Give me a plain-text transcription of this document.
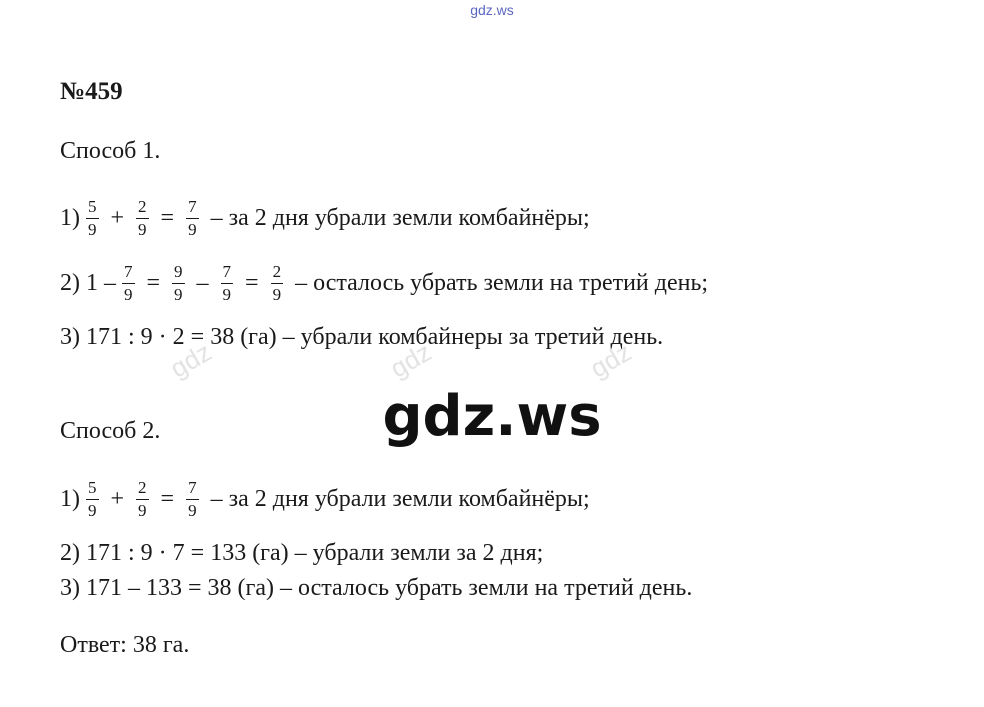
gdz.ws
gdz	gdz	gdz
№459
Способ 1.
$1) \frac{5}{9} + \frac{2}{9} = \frac{7}{9}$ – за 2 дня убрали земли комбайнёры;
2) $1 - \frac{7}{9} = \frac{9}{9} - \frac{7}{9} = \frac{2}{9}$ – осталось убрать земли на третий день;
3) 171 : 9 · 2 = 38 (га) – убрали комбайнеры за третий день.
gdz.ws
Способ 2.
$1) \frac{5}{9} + \frac{2}{9} = \frac{7}{9}$ – за 2 дня убрали земли комбайнёры;
2) 171 : 9 · 7 = 133 (га) – убрали земли за 2 дня;
3) 171 – 133 = 38 (га) – осталось убрать земли на третий день.
Ответ: 38 га.
